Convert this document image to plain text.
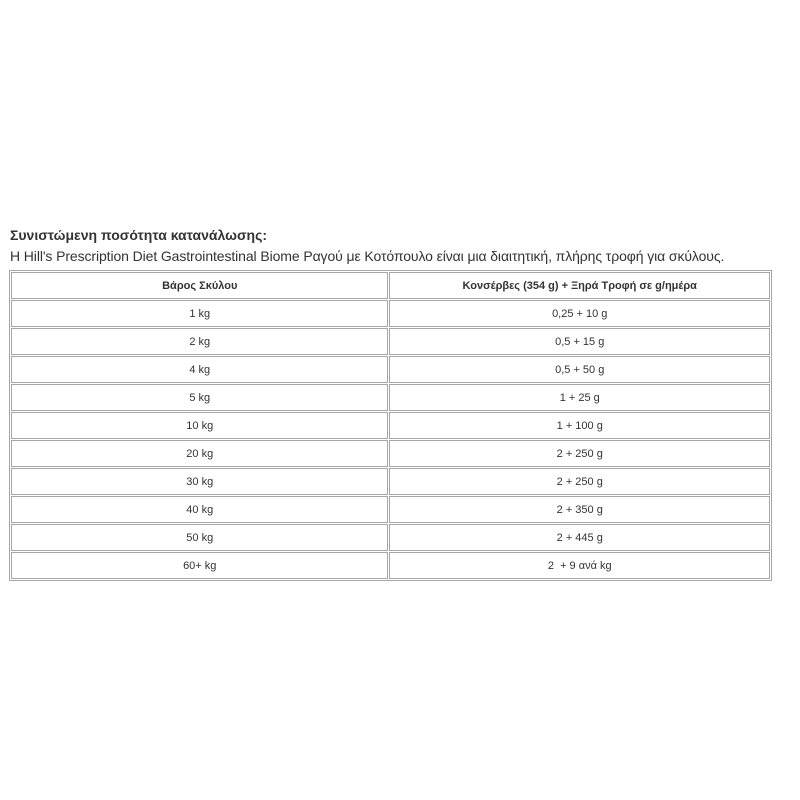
Συνιστώμενη ποσότητα κατανάλωσης:
H Hill's Prescription Diet Gastrointestinal Biome Ραγού με Κοτόπουλο είναι μια διαιτητική, πλήρης τροφή για σκύλους.
Βάρος Σκύλου	Κονσέρβες (354 g) + Ξηρά Τροφή σε g/ημέρα
1 kg	0,25 + 10 g
2 kg	0,5 + 15 g
4 kg	0,5 + 50 g
5 kg	1 + 25 g
10 kg	1 + 100 g
20 kg	2 + 250 g
30 kg	2 + 250 g
40 kg	2 + 350 g
50 kg	2 + 445 g
60+ kg	2  + 9 ανά kg
